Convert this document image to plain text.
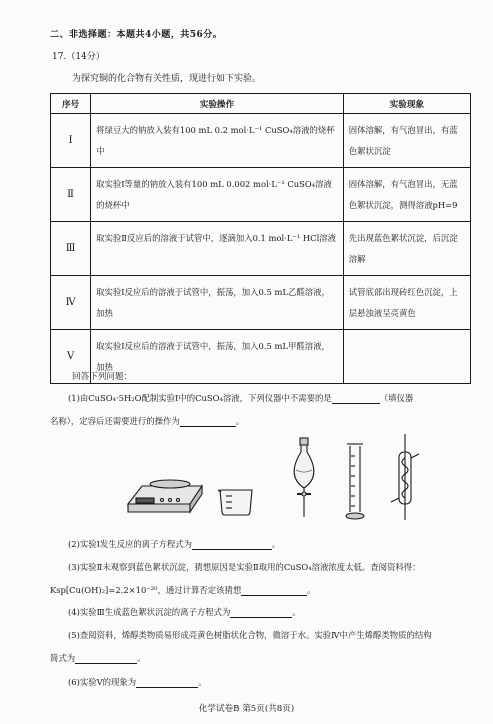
二、非选择题：本题共4小题，共56分。
17.（14分）
为探究铜的化合物有关性质，现进行如下实验。
序号	实验操作	实验现象
Ⅰ	将绿豆大的钠放入装有100 mL 0.2 mol·L⁻¹ CuSO₄溶液的烧杯中	固体溶解，有气泡冒出，有蓝色絮状沉淀
Ⅱ	取实验Ⅰ等量的钠放入装有100 mL 0.002 mol·L⁻¹ CuSO₄溶液的烧杯中	固体溶解，有气泡冒出，无蓝色絮状沉淀，测得溶液pH=9
Ⅲ	取实验Ⅱ反应后的溶液于试管中，逐滴加入0.1 mol·L⁻¹ HCl溶液	先出现蓝色絮状沉淀，后沉淀溶解
Ⅳ	取实验Ⅰ反应后的溶液于试管中，振荡，加入0.5 mL乙醛溶液，加热	试管底部出现砖红色沉淀，上层悬浊液呈亮黄色
Ⅴ	取实验Ⅰ反应后的溶液于试管中，振荡，加入0.5 mL甲醛溶液，加热	
回答下列问题：
(1)由CuSO₄·5H₂O配制实验Ⅰ中的CuSO₄溶液，下列仪器中不需要的是	（填仪器
名称），定容后还需要进行的操作为	。
(2)实验Ⅰ发生反应的离子方程式为	。
(3)实验Ⅱ未观察到蓝色絮状沉淀，猜想原因是实验Ⅱ取用的CuSO₄溶液浓度太低。查阅资料得：
Ksp[Cu(OH)₂]=2.2×10⁻²⁰，通过计算否定该猜想	。
(4)实验Ⅲ生成蓝色絮状沉淀的离子方程式为	。
(5)查阅资料，烯醇类物质易形成亮黄色树脂状化合物，微溶于水。实验Ⅳ中产生烯醇类物质的结构
简式为	。
(6)实验Ⅴ的现象为	。
化学试卷B 第5页(共8页)
